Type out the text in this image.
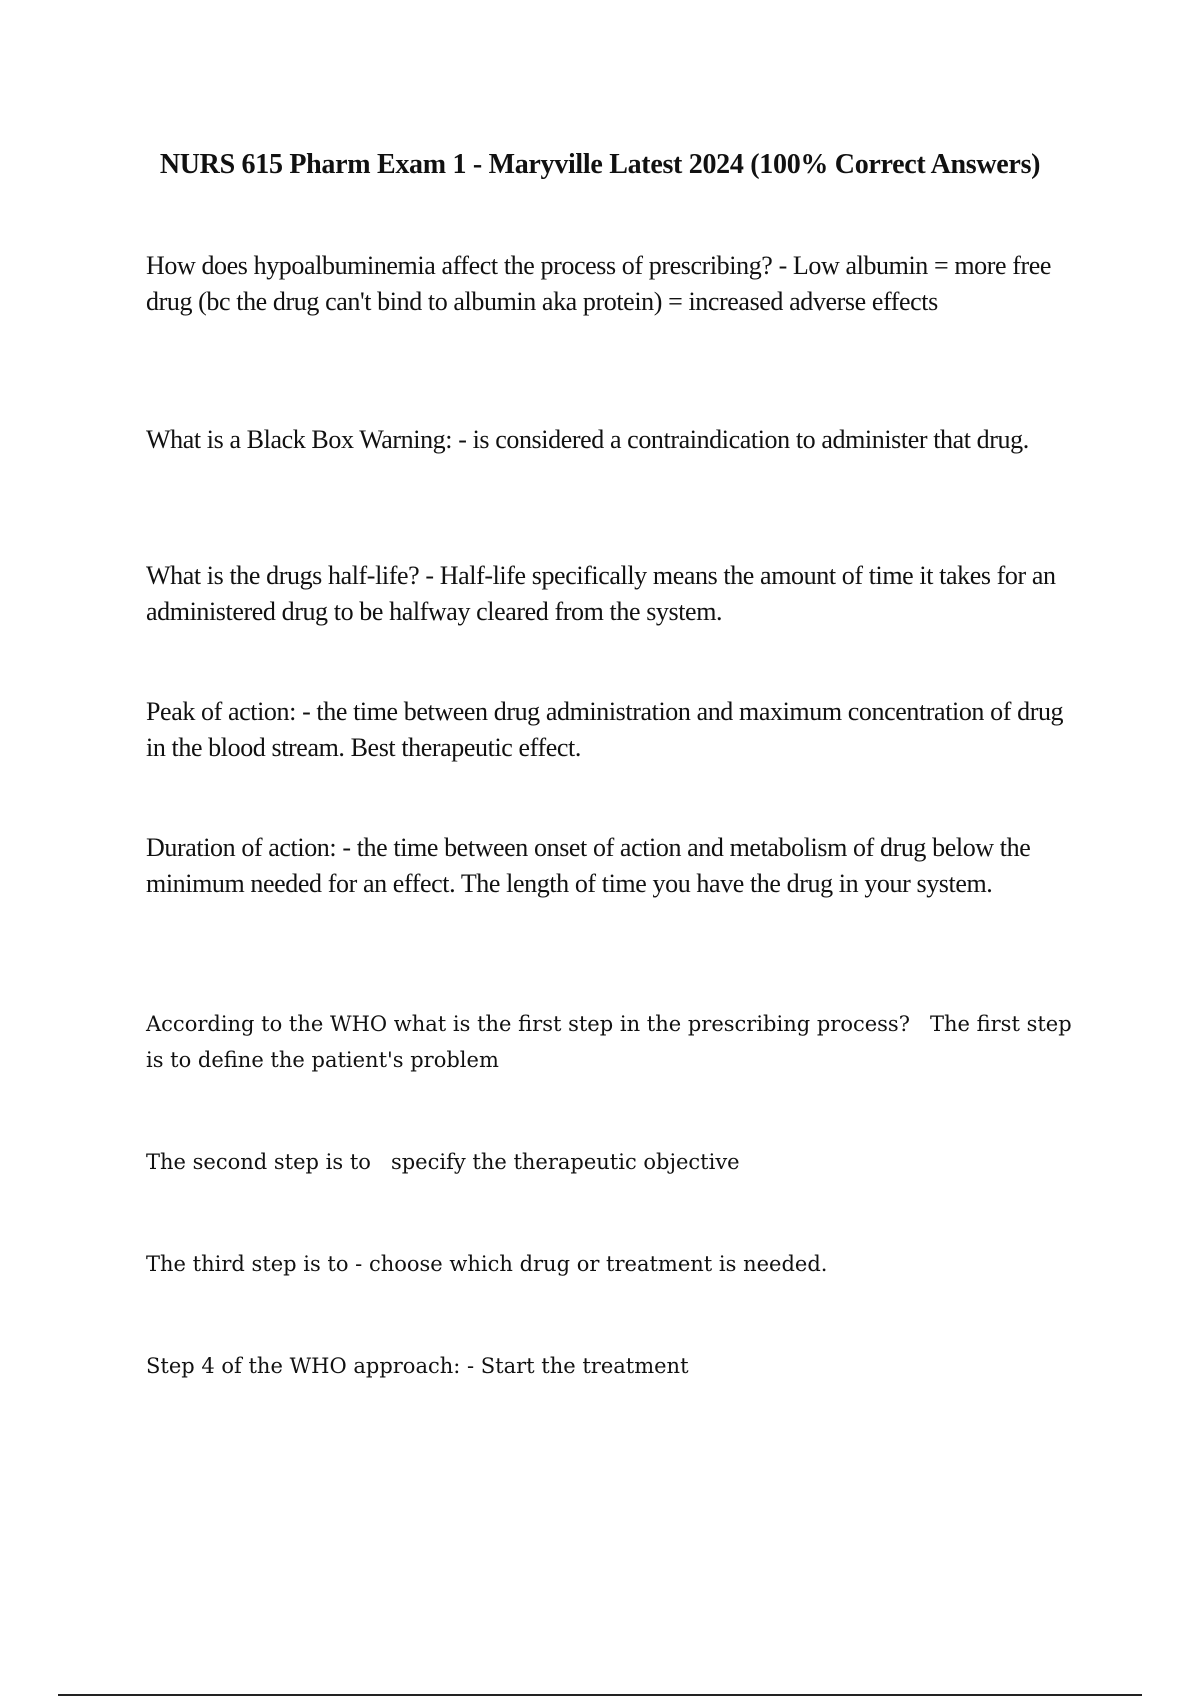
NURS 615 Pharm Exam 1 - Maryville Latest 2024 (100% Correct Answers)

How does hypoalbuminemia affect the process of prescribing? - Low albumin = more free drug (bc the drug can't bind to albumin aka protein) = increased adverse effects

What is a Black Box Warning: - is considered a contraindication to administer that drug.

What is the drugs half-life? - Half-life specifically means the amount of time it takes for an administered drug to be halfway cleared from the system.

Peak of action: - the time between drug administration and maximum concentration of drug in the blood stream. Best therapeutic effect.

Duration of action: - the time between onset of action and metabolism of drug below the minimum needed for an effect. The length of time you have the drug in your system.

According to the WHO what is the first step in the prescribing process? The first step is to define the patient's problem

The second step is to specify the therapeutic objective

The third step is to - choose which drug or treatment is needed.

Step 4 of the WHO approach: - Start the treatment
